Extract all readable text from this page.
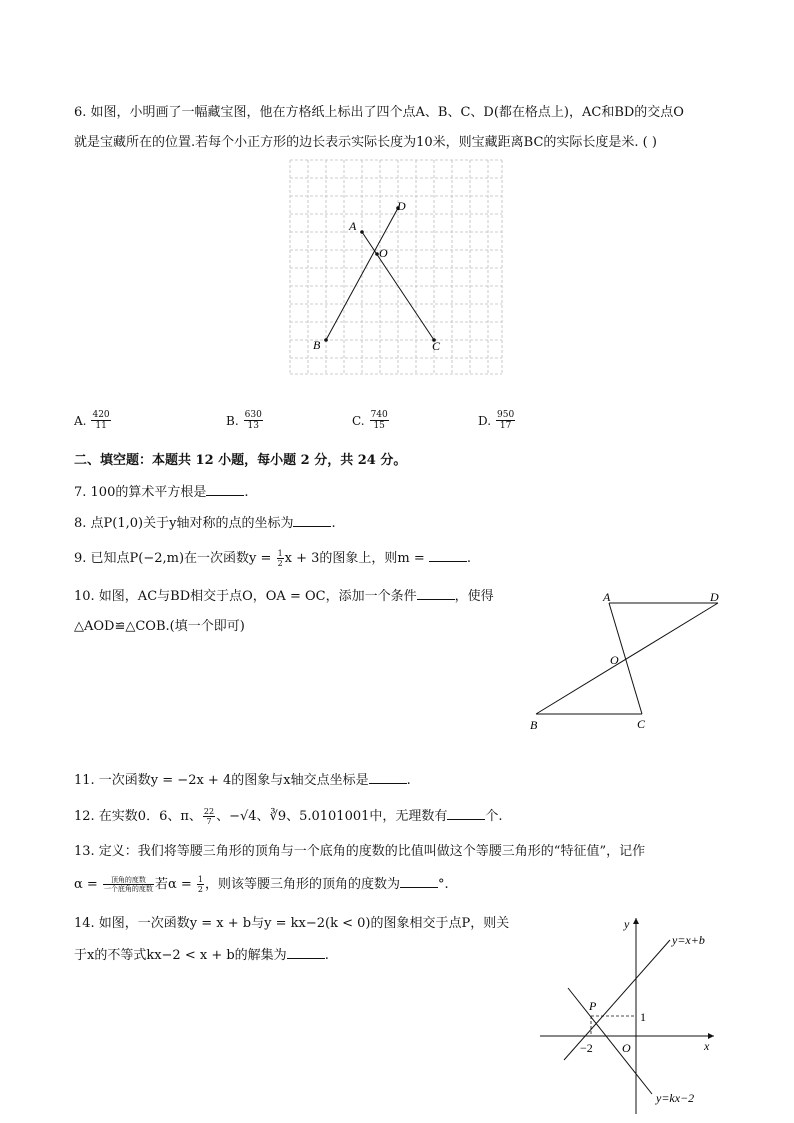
6. 如图，小明画了一幅藏宝图，他在方格纸上标出了四个点A、B、C、D(都在格点上)，AC和BD的交点O
就是宝藏所在的位置.若每个小正方形的边长表示实际长度为10米，则宝藏距离BC的实际长度是米. ( )
A
B	C
D
O
A. $\frac{420}{11}$	B. $\frac{630}{13}$	C. $\frac{740}{15}$	D. $\frac{950}{17}$
二、填空题：本题共 12 小题，每小题 2 分，共 24 分。
7. 100的算术平方根是	.
8. 点P(1,0)关于y轴对称的点的坐标为	.
9. 已知点P(−2,m)在一次函数$y = \frac{1}{2}$ x + 3的图象上，则m =	.
10. 如图，AC与BD相交于点O，OA = OC，添加一个条件	，使得
△AOD≌△COB.(填一个即可)
A	D
O
B	C
11. 一次函数y = −2x + 4的图象与x轴交点坐标是	.
12. 在实数0．6、π、 $\frac{22}{7}$ 、−√4、∛9、5.0101001中，无理数有	个.
13. 定义：我们将等腰三角形的顶角与一个底角的度数的比值叫做这个等腰三角形的“特征值”，记作
$\alpha = \frac{\text{顶角的度数}}{\text{一个底角的度数}}$ 若$\alpha = \frac{1}{2}$ ，则该等腰三角形的顶角的度数为	°.
14. 如图，一次函数y = x + b与y = kx−2(k < 0)的图象相交于点P，则关
于x的不等式kx−2 < x + b的解集为	.
y
x
O
P
y=x+b
y=kx−2
−2
1
